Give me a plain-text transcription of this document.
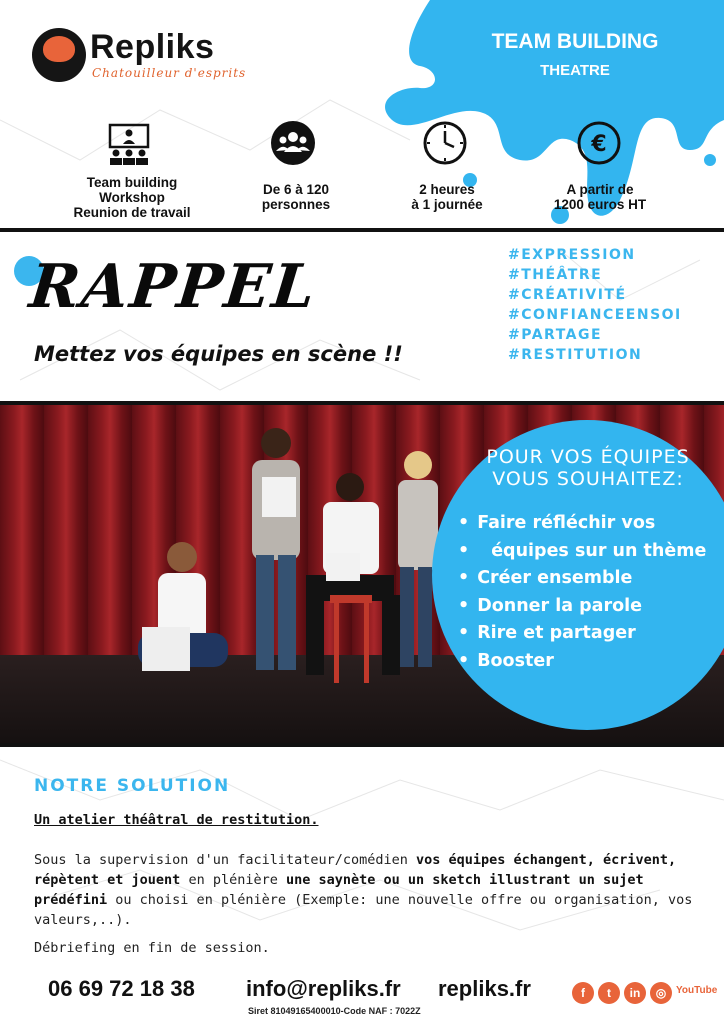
Repliks
Chatouilleur d'esprits
TEAM BUILDING
THEATRE
Team building
Workshop
Reunion de travail
De 6 à 120
personnes
2 heures
à 1 journée
€
A partir de
1200 euros HT
RAPPEL
Mettez vos équipes en scène !!
#EXPRESSION
#THÉÂTRE
#CRÉATIVITÉ
#CONFIANCEENSOI
#PARTAGE
#RESTITUTION
POUR VOS ÉQUIPES
VOUS SOUHAITEZ:
• Faire réfléchir vos
• équipes sur un thème
• Créer ensemble
• Donner la parole
• Rire et partager
• Booster
NOTRE SOLUTION
Un atelier théâtral de restitution.
Sous la supervision d'un facilitateur/comédien vos équipes échangent, écrivent, répètent et jouent en plénière une saynète ou un sketch illustrant un sujet prédéfini ou choisi en plénière (Exemple: une nouvelle offre ou organisation, vos valeurs,..).
Débriefing en fin de session.
06 69 72 18 38 info@repliks.fr repliks.fr
Siret 81049165400010-Code NAF : 7022Z
f	t	in	◎ YouTube
